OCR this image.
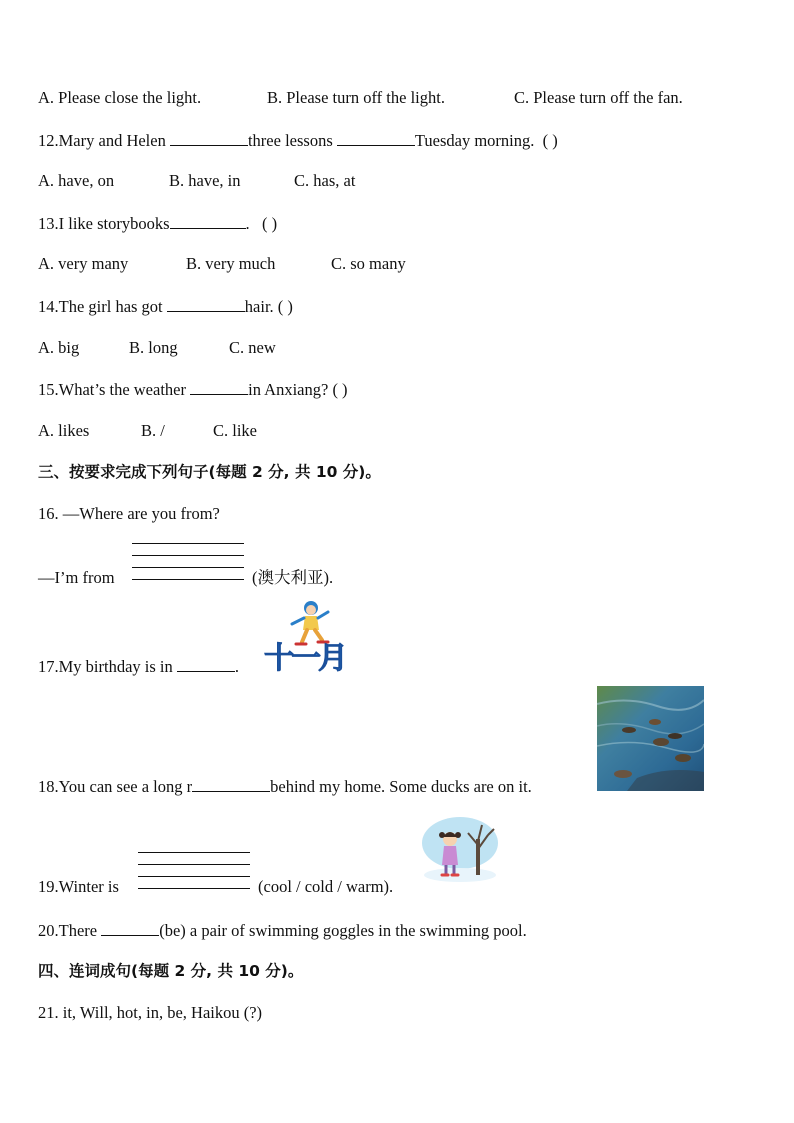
A. Please close the light.	B. Please turn off the light.	C. Please turn off the fan.
12.Mary and Helen	three lessons	Tuesday morning. ( )
A. have, on	B. have, in	C. has, at
13.I like storybooks	. ( )
A. very many	B. very much	C. so many
14.The girl has got	hair. ( )
A. big	B. long	C. new
15.What’s the weather	in Anxiang? ( )
A. likes	B. /	C. like
三、按要求完成下列句子(每题 2 分, 共 10 分)。
16. —Where are you from?
—I’m from	(澳大利亚).
17.My birthday is in	. 十一月
18.You can see a long r	behind my home. Some ducks are on it.
19.Winter is	(cool / cold / warm).
20.There	(be) a pair of swimming goggles in the swimming pool.
四、连词成句(每题 2 分, 共 10 分)。
21. it, Will, hot, in, be, Haikou (?)
